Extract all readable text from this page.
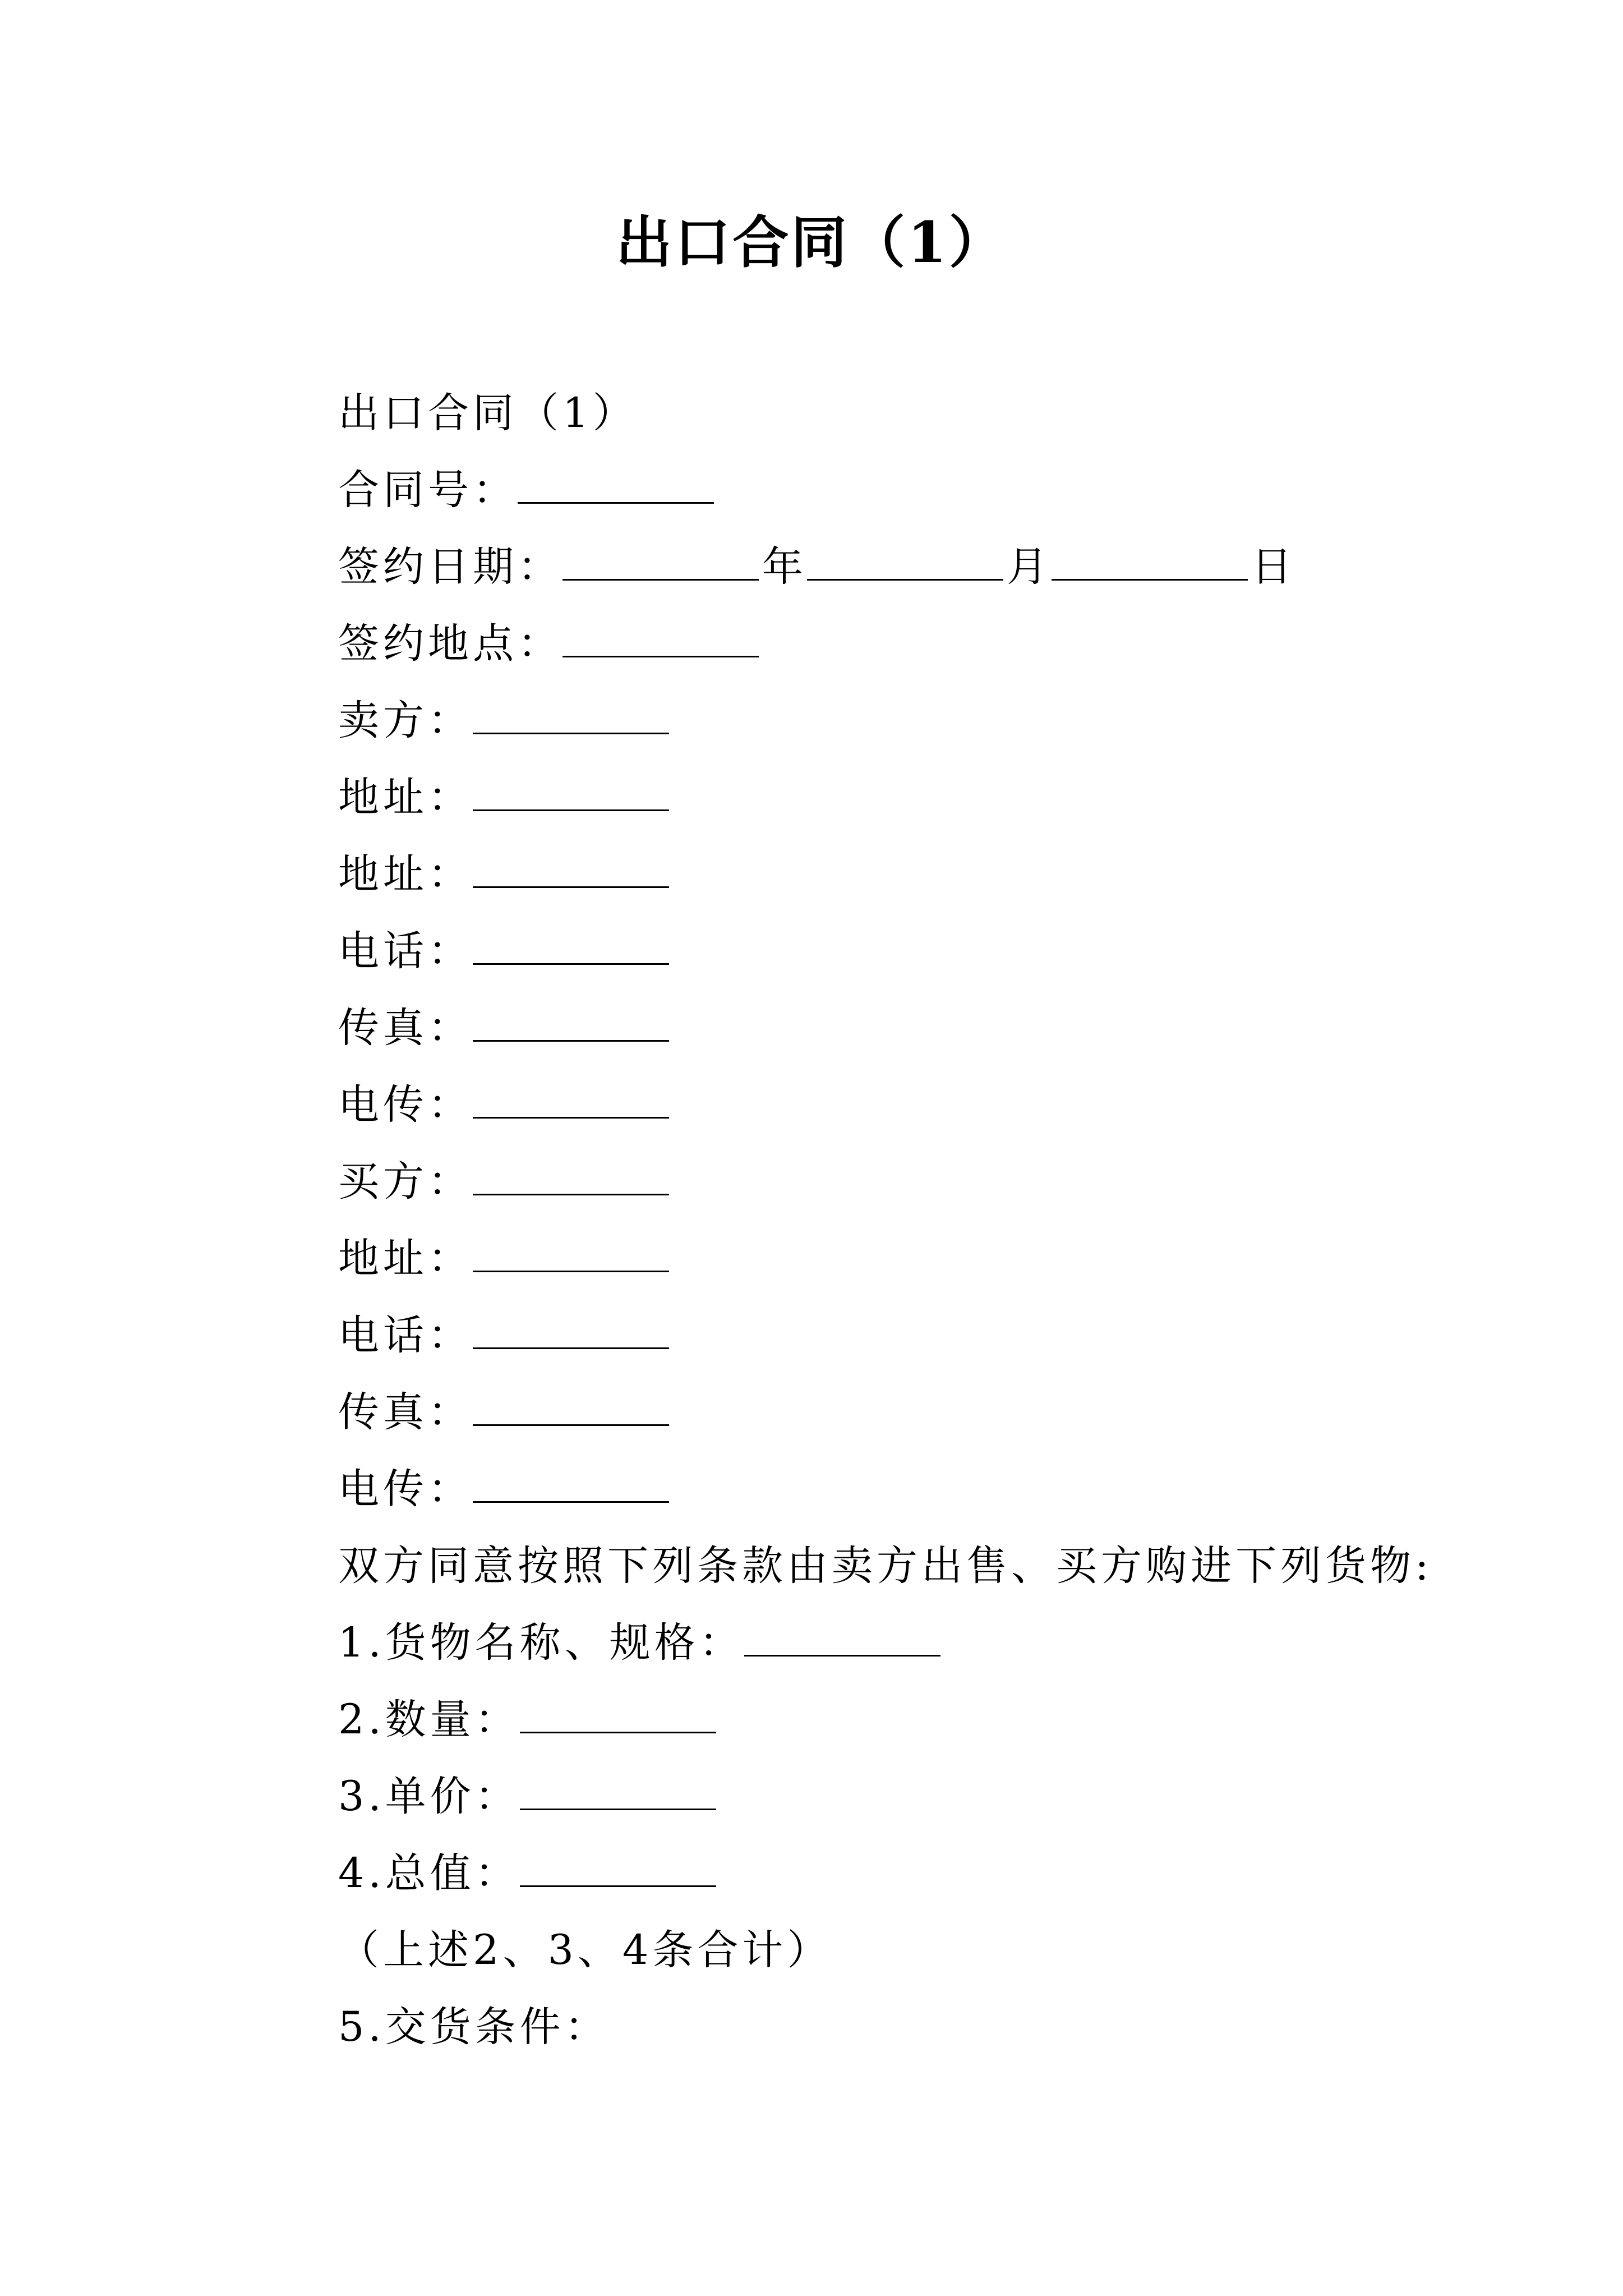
出口合同（1）
出口合同（1）
合同号：
签约日期：	年	月	日
签约地点：
卖方：
地址：
地址：
电话：
传真：
电传：
买方：
地址：
电话：
传真：
电传：
双方同意按照下列条款由卖方出售、买方购进下列货物:
1.货物名称、规格：
2.数量：
3.单价：
4.总值：
（上述2、3、4条合计）
5.交货条件：
